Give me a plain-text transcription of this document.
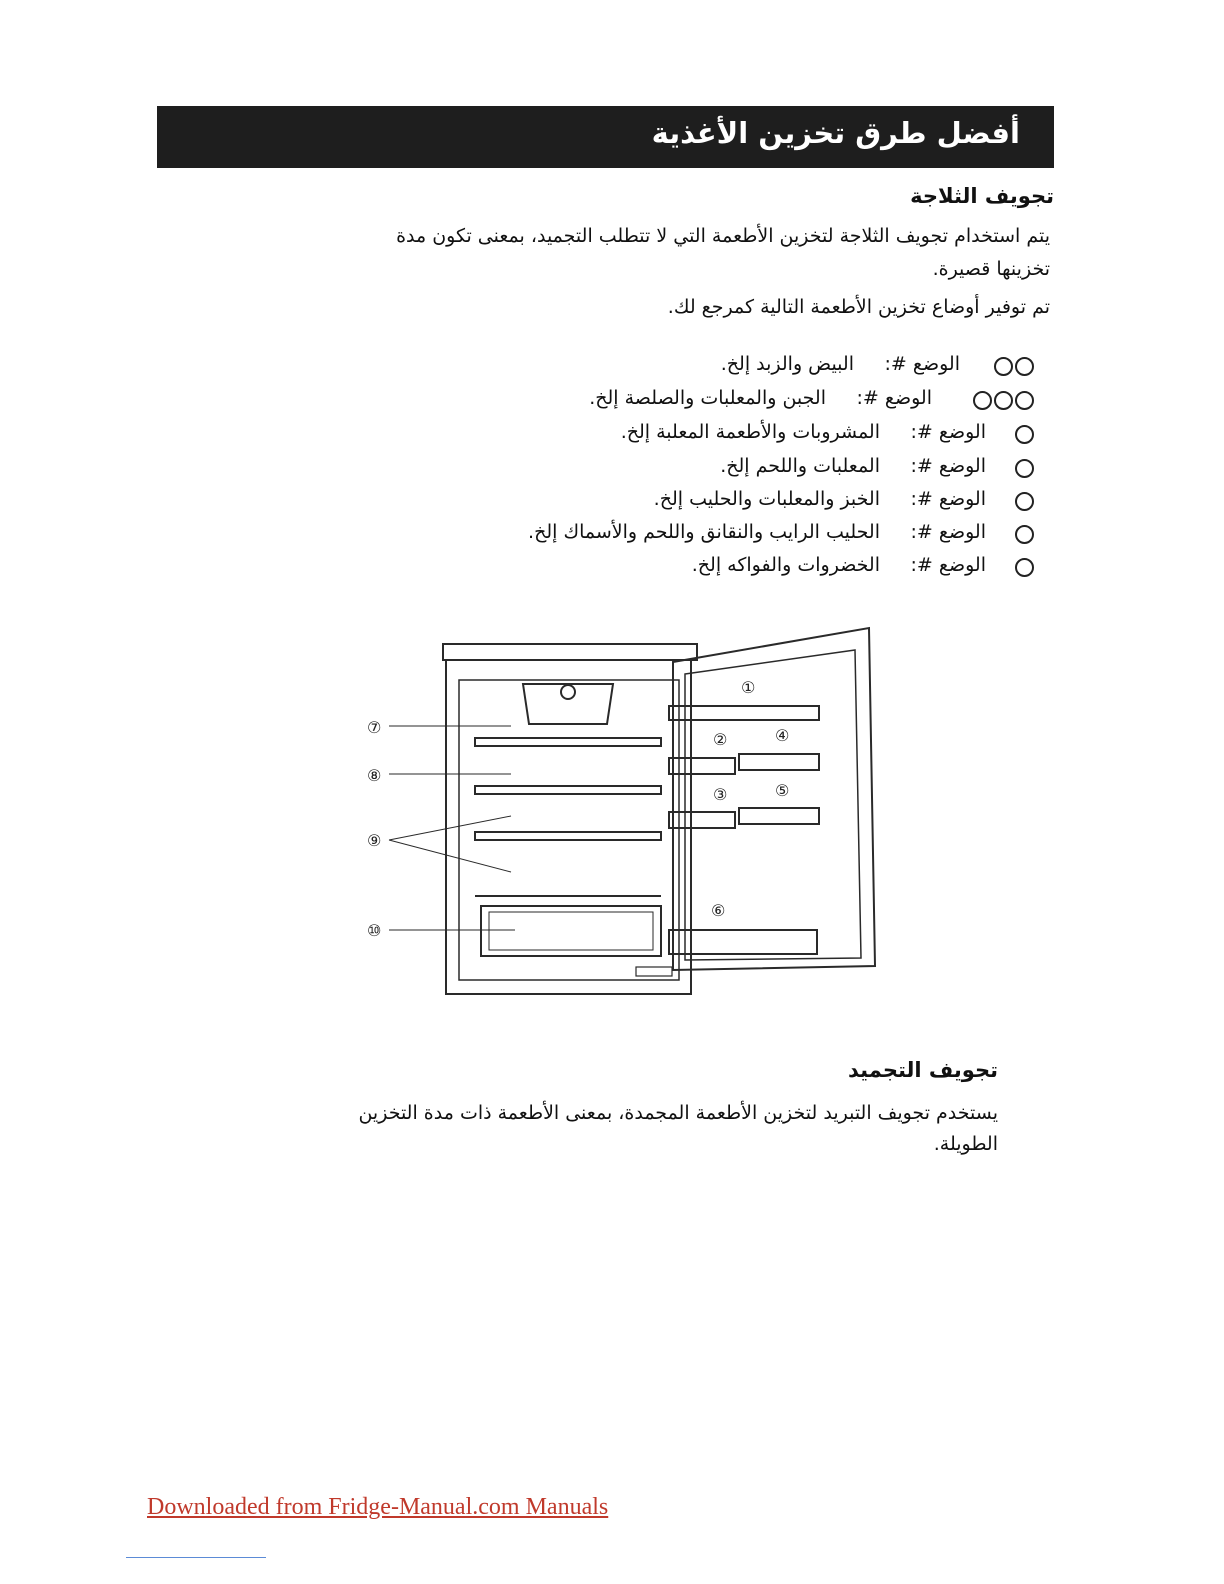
أفضل طرق تخزين الأغذية
تجويف الثلاجة
يتم استخدام تجويف الثلاجة لتخزين الأطعمة التي لا تتطلب التجميد، بمعنى تكون مدة
تخزينها قصيرة.
تم توفير أوضاع تخزين الأطعمة التالية كمرجع لك.
الوضع #:
البيض والزبد إلخ.
الوضع #:
الجبن والمعلبات والصلصة إلخ.
الوضع #:
المشروبات والأطعمة المعلبة إلخ.
الوضع #:
المعلبات واللحم إلخ.
الوضع #:
الخبز والمعلبات والحليب إلخ.
الوضع #:
الحليب الرايب والنقانق واللحم والأسماك إلخ.
الوضع #:
الخضروات والفواكه إلخ.
⑦
⑧
⑨
⑩
①
②
③
④
⑤
⑥
تجويف التجميد
يستخدم تجويف التبريد لتخزين الأطعمة المجمدة، بمعنى الأطعمة ذات مدة التخزين
الطويلة.
Downloaded from Fridge-Manual.com Manuals
